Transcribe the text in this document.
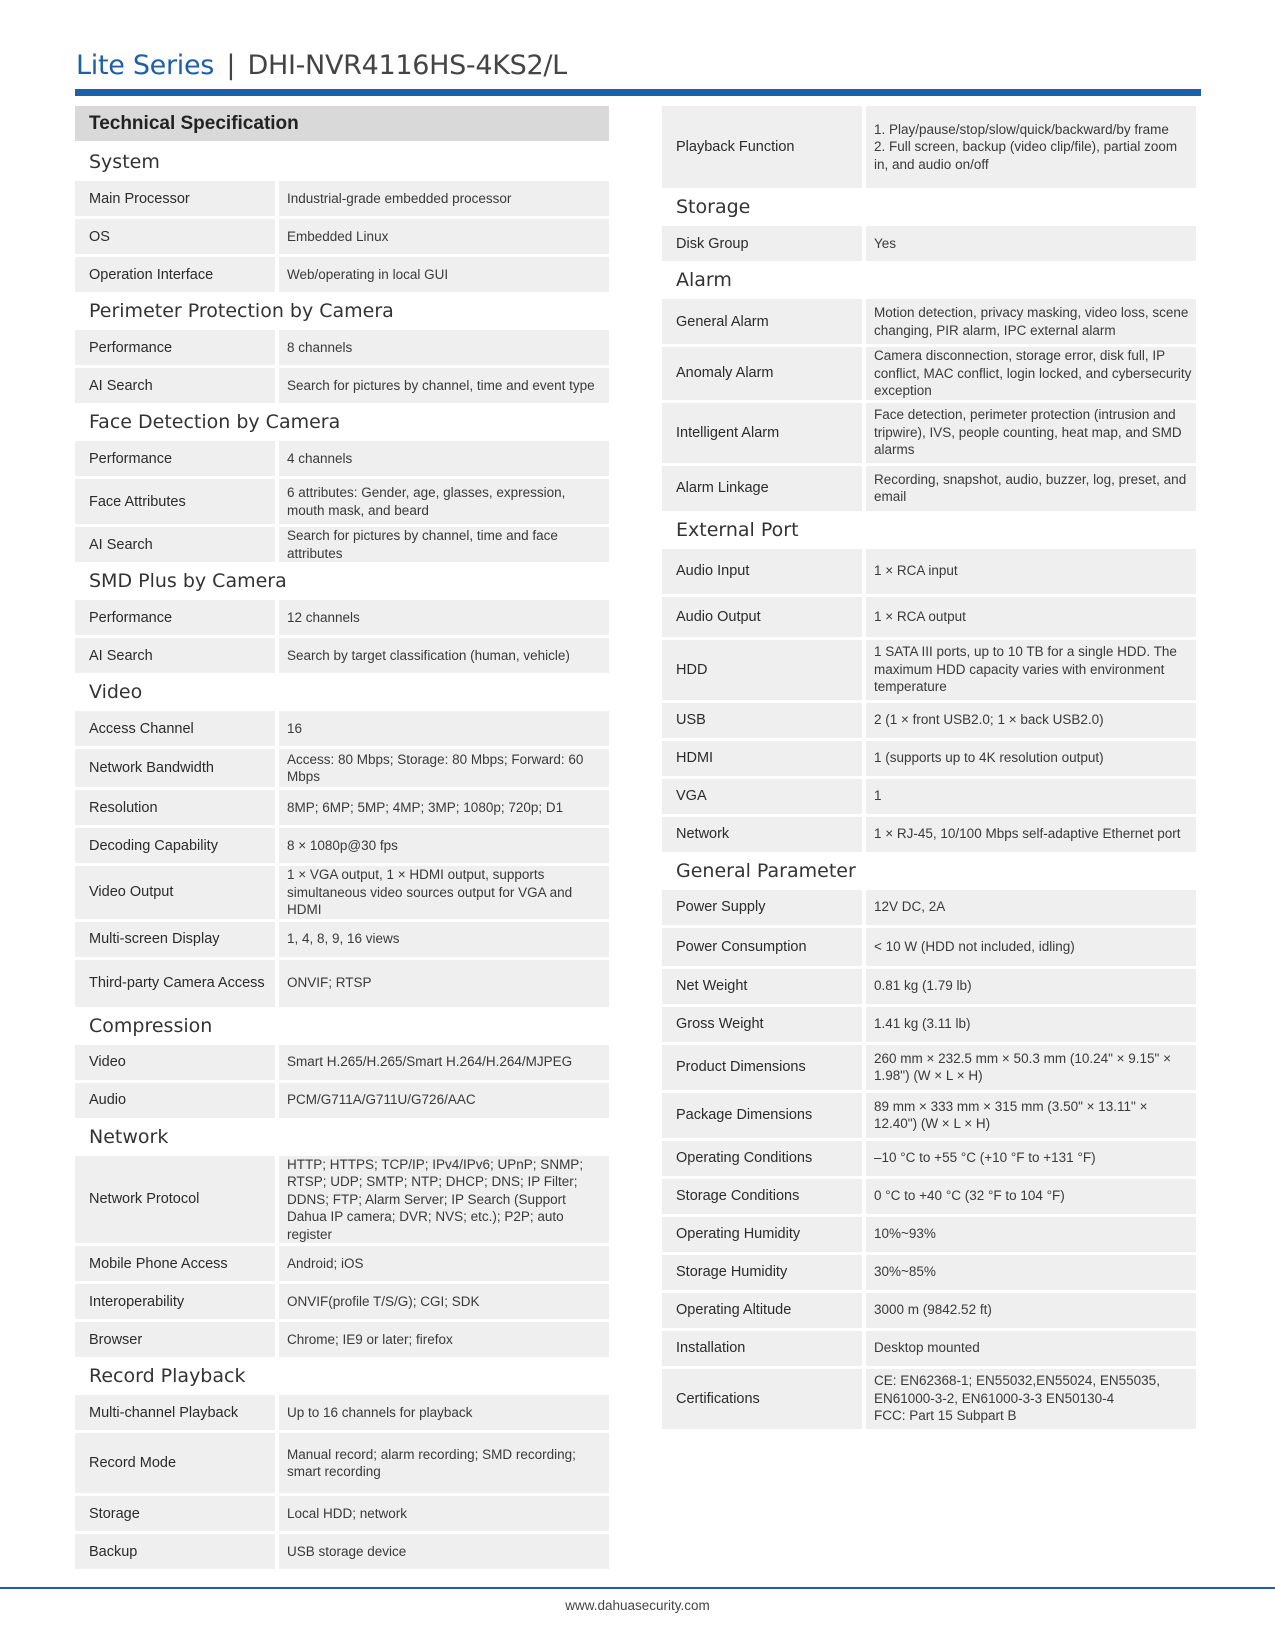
Lite Series | DHI-NVR4116HS-4KS2/L
Technical Specification
System
Main Processor	Industrial-grade embedded processor
OS	Embedded Linux
Operation Interface	Web/operating in local GUI
Perimeter Protection by Camera
Performance	8 channels
AI Search	Search for pictures by channel, time and event type
Face Detection by Camera
Performance	4 channels
Face Attributes	6 attributes: Gender, age, glasses, expression, mouth mask, and beard
AI Search	Search for pictures by channel, time and face attributes
SMD Plus by Camera
Performance	12 channels
AI Search	Search by target classification (human, vehicle)
Video
Access Channel	16
Network Bandwidth	Access: 80 Mbps; Storage: 80 Mbps; Forward: 60 Mbps
Resolution	8MP; 6MP; 5MP; 4MP; 3MP; 1080p; 720p; D1
Decoding Capability	8 × 1080p@30 fps
Video Output	1 × VGA output, 1 × HDMI output, supports simultaneous video sources output for VGA and HDMI
Multi-screen Display	1, 4, 8, 9, 16 views
Third-party Camera Access	ONVIF; RTSP
Compression
Video	Smart H.265/H.265/Smart H.264/H.264/MJPEG
Audio	PCM/G711A/G711U/G726/AAC
Network
Network Protocol	HTTP; HTTPS; TCP/IP; IPv4/IPv6; UPnP; SNMP; RTSP; UDP; SMTP; NTP; DHCP; DNS; IP Filter; DDNS; FTP; Alarm Server; IP Search (Support Dahua IP camera; DVR; NVS; etc.); P2P; auto register
Mobile Phone Access	Android; iOS
Interoperability	ONVIF(profile T/S/G); CGI; SDK
Browser	Chrome; IE9 or later; firefox
Record Playback
Multi-channel Playback	Up to 16 channels for playback
Record Mode	Manual record; alarm recording; SMD recording; smart recording
Storage	Local HDD; network
Backup	USB storage device
Playback Function	1. Play/pause/stop/slow/quick/backward/by frame
2. Full screen, backup (video clip/file), partial zoom in, and audio on/off
Storage
Disk Group	Yes
Alarm
General Alarm	Motion detection, privacy masking, video loss, scene changing, PIR alarm, IPC external alarm
Anomaly Alarm	Camera disconnection, storage error, disk full, IP conflict, MAC conflict, login locked, and cybersecurity exception
Intelligent Alarm	Face detection, perimeter protection (intrusion and tripwire), IVS, people counting, heat map, and SMD alarms
Alarm Linkage	Recording, snapshot, audio, buzzer, log, preset, and email
External Port
Audio Input	1 × RCA input
Audio Output	1 × RCA output
HDD	1 SATA III ports, up to 10 TB for a single HDD. The maximum HDD capacity varies with environment temperature
USB	2 (1 × front USB2.0; 1 × back USB2.0)
HDMI	1 (supports up to 4K resolution output)
VGA	1
Network	1 × RJ-45, 10/100 Mbps self-adaptive Ethernet port
General Parameter
Power Supply	12V DC, 2A
Power Consumption	< 10 W (HDD not included, idling)
Net Weight	0.81 kg (1.79 lb)
Gross Weight	1.41 kg (3.11 lb)
Product Dimensions	260 mm × 232.5 mm × 50.3 mm (10.24" × 9.15" × 1.98") (W × L × H)
Package Dimensions	89 mm × 333 mm × 315 mm (3.50" × 13.11" × 12.40") (W × L × H)
Operating Conditions	–10 °C to +55 °C (+10 °F to +131 °F)
Storage Conditions	0 °C to +40 °C (32 °F to 104 °F)
Operating Humidity	10%~93%
Storage Humidity	30%~85%
Operating Altitude	3000 m (9842.52 ft)
Installation	Desktop mounted
Certifications	CE: EN62368-1; EN55032,EN55024, EN55035, EN61000-3-2, EN61000-3-3 EN50130-4
FCC: Part 15 Subpart B
www.dahuasecurity.com
